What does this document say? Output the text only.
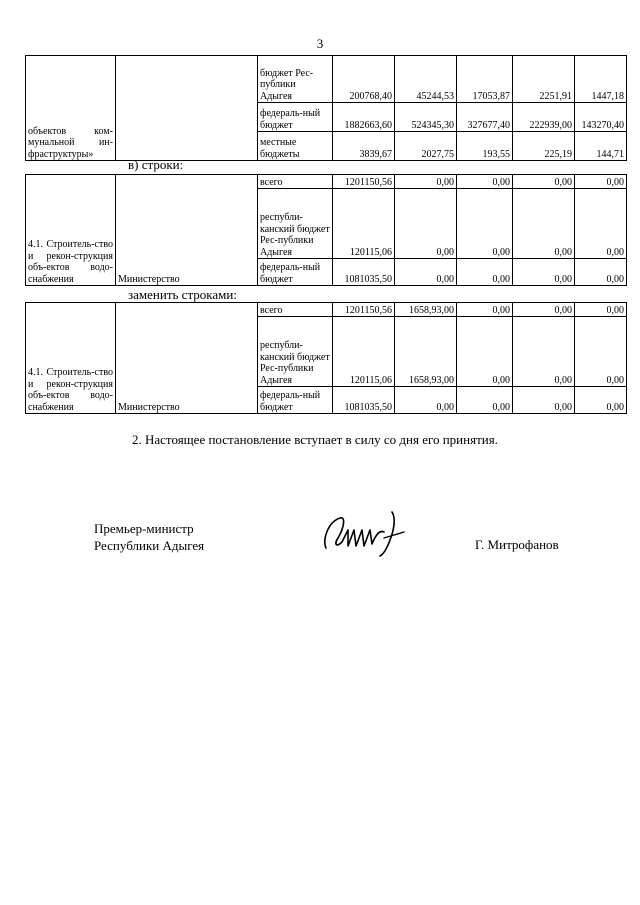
3
объектов ком-мунальной ин-фраструктуры»		бюджет Рес-публики Адыгея	200768,40	45244,53	17053,87	2251,91	1447,18
		федераль-ный бюджет	1882663,60	524345,30	327677,40	222939,00	143270,40
		местные бюджеты	3839,67	2027,75	193,55	225,19	144,71
в) строки:
4.1. Строитель-ство и рекон-струкция объ-ектов водо-снабжения	Министерство	всего	1201150,56	0,00	0,00	0,00	0,00
		республи-канский бюджет Рес-публики Адыгея	120115,06	0,00	0,00	0,00	0,00
		федераль-ный бюджет	1081035,50	0,00	0,00	0,00	0,00
заменить строками:
4.1. Строитель-ство и рекон-струкция объ-ектов водо-снабжения	Министерство	всего	1201150,56	1658,93,00	0,00	0,00	0,00
		республи-канский бюджет Рес-публики Адыгея	120115,06	1658,93,00	0,00	0,00	0,00
		федераль-ный бюджет	1081035,50	0,00	0,00	0,00	0,00
2. Настоящее постановление вступает в силу со дня его принятия.
Премьер-министр
Республики Адыгея	Г. Митрофанов
